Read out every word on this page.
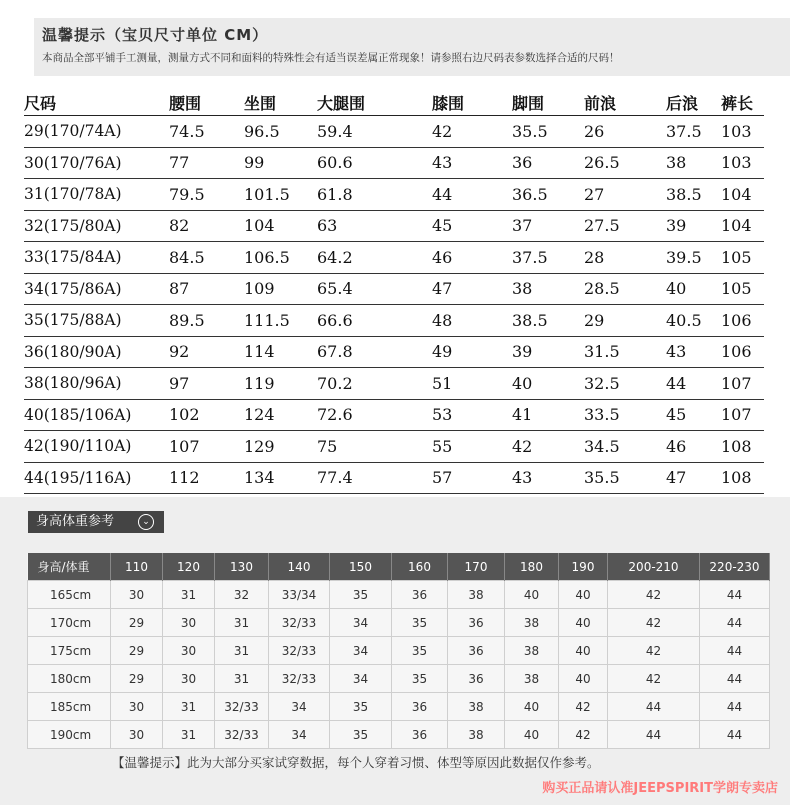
温馨提示（宝贝尺寸单位 CM）
本商品全部平铺手工测量，测量方式不同和面料的特殊性会有适当误差属正常现象！请参照右边尺码表参数选择合适的尺码！
尺码	腰围	坐围	大腿围	膝围	脚围	前浪	后浪	裤长
29(170/74A)	74.5	96.5	59.4	42	35.5	26	37.5	103
30(170/76A)	77	99	60.6	43	36	26.5	38	103
31(170/78A)	79.5	101.5	61.8	44	36.5	27	38.5	104
32(175/80A)	82	104	63	45	37	27.5	39	104
33(175/84A)	84.5	106.5	64.2	46	37.5	28	39.5	105
34(175/86A)	87	109	65.4	47	38	28.5	40	105
35(175/88A)	89.5	111.5	66.6	48	38.5	29	40.5	106
36(180/90A)	92	114	67.8	49	39	31.5	43	106
38(180/96A)	97	119	70.2	51	40	32.5	44	107
40(185/106A)	102	124	72.6	53	41	33.5	45	107
42(190/110A)	107	129	75	55	42	34.5	46	108
44(195/116A)	112	134	77.4	57	43	35.5	47	108
身高体重参考	⌄
身高/体重	110	120	130	140	150	160	170	180	190	200-210	220-230
165cm	30	31	32	33/34	35	36	38	40	40	42	44
170cm	29	30	31	32/33	34	35	36	38	40	42	44
175cm	29	30	31	32/33	34	35	36	38	40	42	44
180cm	29	30	31	32/33	34	35	36	38	40	42	44
185cm	30	31	32/33	34	35	36	38	40	42	44	44
190cm	30	31	32/33	34	35	36	38	40	42	44	44
【温馨提示】此为大部分买家试穿数据，每个人穿着习惯、体型等原因此数据仅作参考。
购买正品请认准JEEPSPIRIT学朗专卖店
